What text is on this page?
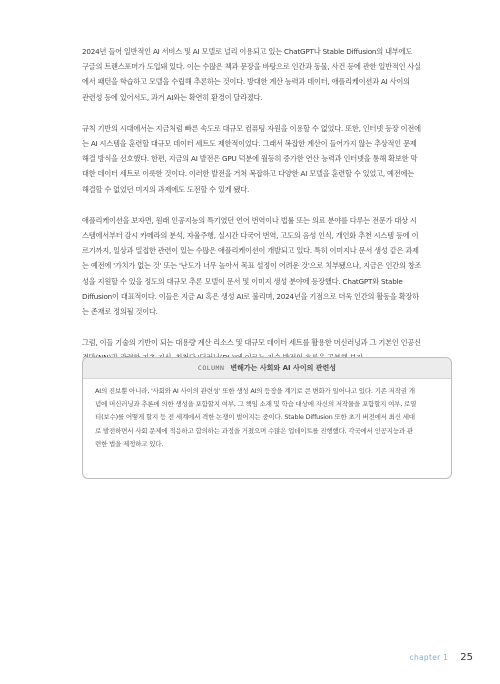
2024년 들어 일반적인 AI 서비스 및 AI 모델로 널리 이용되고 있는 ChatGPT나 Stable Diffusion의 내부에도
구글의 트랜스포머가 도입돼 있다. 이는 수많은 책과 문장을 바탕으로 인간과 동물, 사건 등에 관한 일반적인 사실
에서 패턴을 학습하고 모델을 수립해 추론하는 것이다. 방대한 계산 능력과 데이터, 애플리케이션과 AI 사이의
관련성 등에 있어서도, 과거 AI와는 확연히 환경이 달라졌다.

규칙 기반의 시대에서는 지금처럼 빠른 속도로 대규모 컴퓨팅 자원을 이용할 수 없었다. 또한, 인터넷 등장 이전에
는 AI 시스템을 훈련할 대규모 데이터 세트도 제한적이었다. 그래서 복잡한 계산이 들어가지 않는 추상적인 문제
해결 방식을 선호했다. 한편, 지금의 AI 발전은 GPU 덕분에 월등히 증가한 연산 능력과 인터넷을 통해 확보한 막
대한 데이터 세트로 이룩한 것이다. 이러한 발전을 거쳐 복잡하고 다양한 AI 모델을 훈련할 수 있었고, 예전에는
해결할 수 없었던 미지의 과제에도 도전할 수 있게 됐다.

애플리케이션을 보자면, 원래 인공지능의 특기였던 언어 번역이나 법률 또는 의료 분야를 다루는 전문가 대상 시
스템에서부터 감시 카메라의 분석, 자율주행, 실시간 다국어 번역, 고도의 음성 인식, 개인화 추천 시스템 등에 이
르기까지, 일상과 밀접한 관련이 있는 수많은 애플리케이션이 개발되고 있다. 특히 이미지나 문서 생성 같은 과제
는 예전에 '가치가 없는 것' 또는 '난도가 너무 높아서 목표 설정이 어려운 것'으로 치부됐으나, 지금은 인간의 창조
성을 지원할 수 있을 정도의 대규모 추론 모델이 문서 및 이미지 생성 분야에 등장했다. ChatGPT와 Stable
Diffusion이 대표적이다. 이들은 지금 AI 혹은 생성 AI로 불리며, 2024년을 기점으로 더욱 인간의 활동을 확장하
는 존재로 정의될 것이다.

그럼, 이들 기술의 기반이 되는 대용량 계산 리소스 및 대규모 데이터 세트를 활용한 머신러닝과 그 기본인 인공신

COLUMN 변해가는 사회와 AI 사이의 관련성
AI의 진보뿐 아니라, '사회와 AI 사이의 관련성' 또한 생성 AI의 등장을 계기로 큰 변화가 일어나고 있다. 기존 저작권 개
념에 머신러닝과 추론에 의한 생성을 포함할지 여부, 그 책임 소재 및 학습 대상에 자신의 저작물을 포함할지 여부, 로열
티(보수)를 어떻게 할지 등 전 세계에서 격한 논쟁이 벌어지는 중이다. Stable Diffusion 또한 초기 버전에서 최신 세대
로 발전하면서 사회 문제에 적응하고 합의하는 과정을 거쳤으며 수많은 업데이트를 진행했다. 각국에서 인공지능과 관
련한 법을 제정하고 있다.
chapter 1 25
